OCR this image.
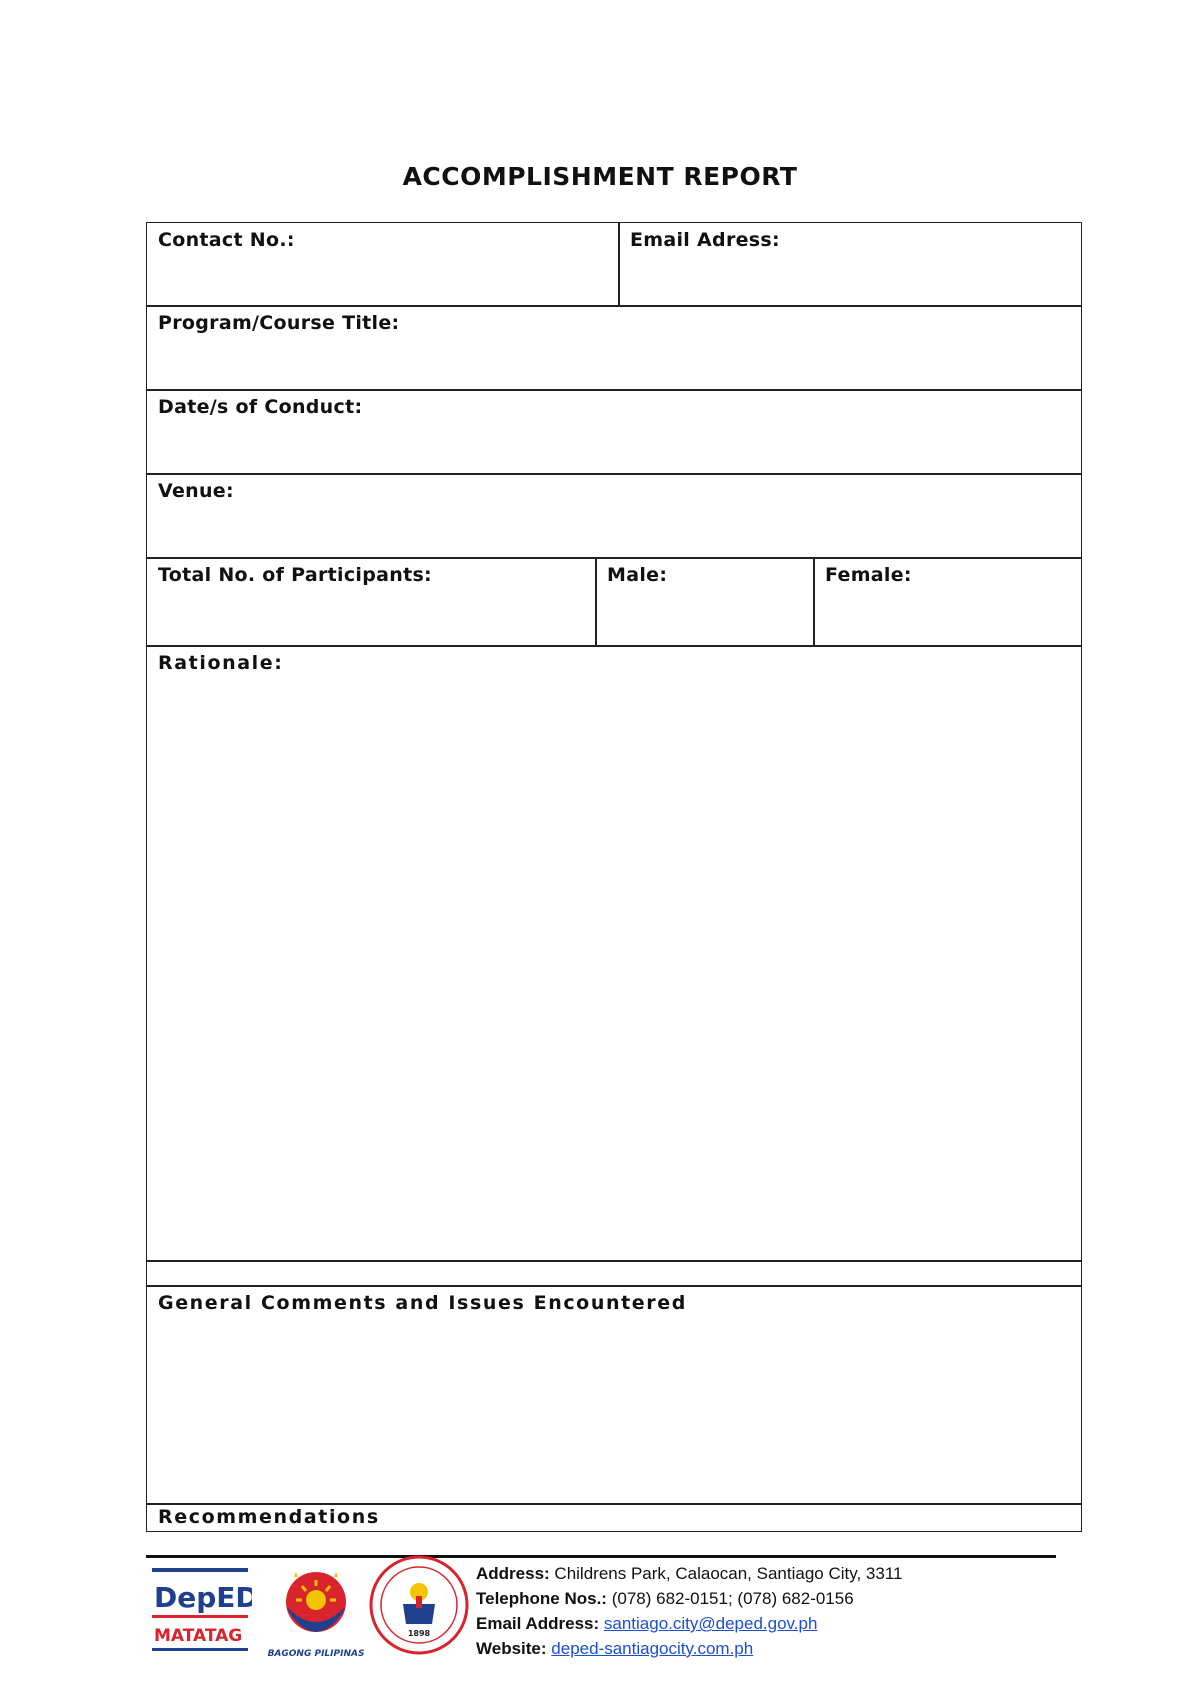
ACCOMPLISHMENT REPORT
Contact No.:	Email Adress:
Program/Course Title:
Date/s of Conduct:
Venue:
Total No. of Participants:	Male:	Female:
Rationale:
General Comments and Issues Encountered
Recommendations
DepED
MATATAG
BAGONG PILIPINAS
1898
Address: Childrens Park, Calaocan, Santiago City, 3311
Telephone Nos.: (078) 682-0151; (078) 682-0156
Email Address: santiago.city@deped.gov.ph
Website: deped-santiagocity.com.ph
